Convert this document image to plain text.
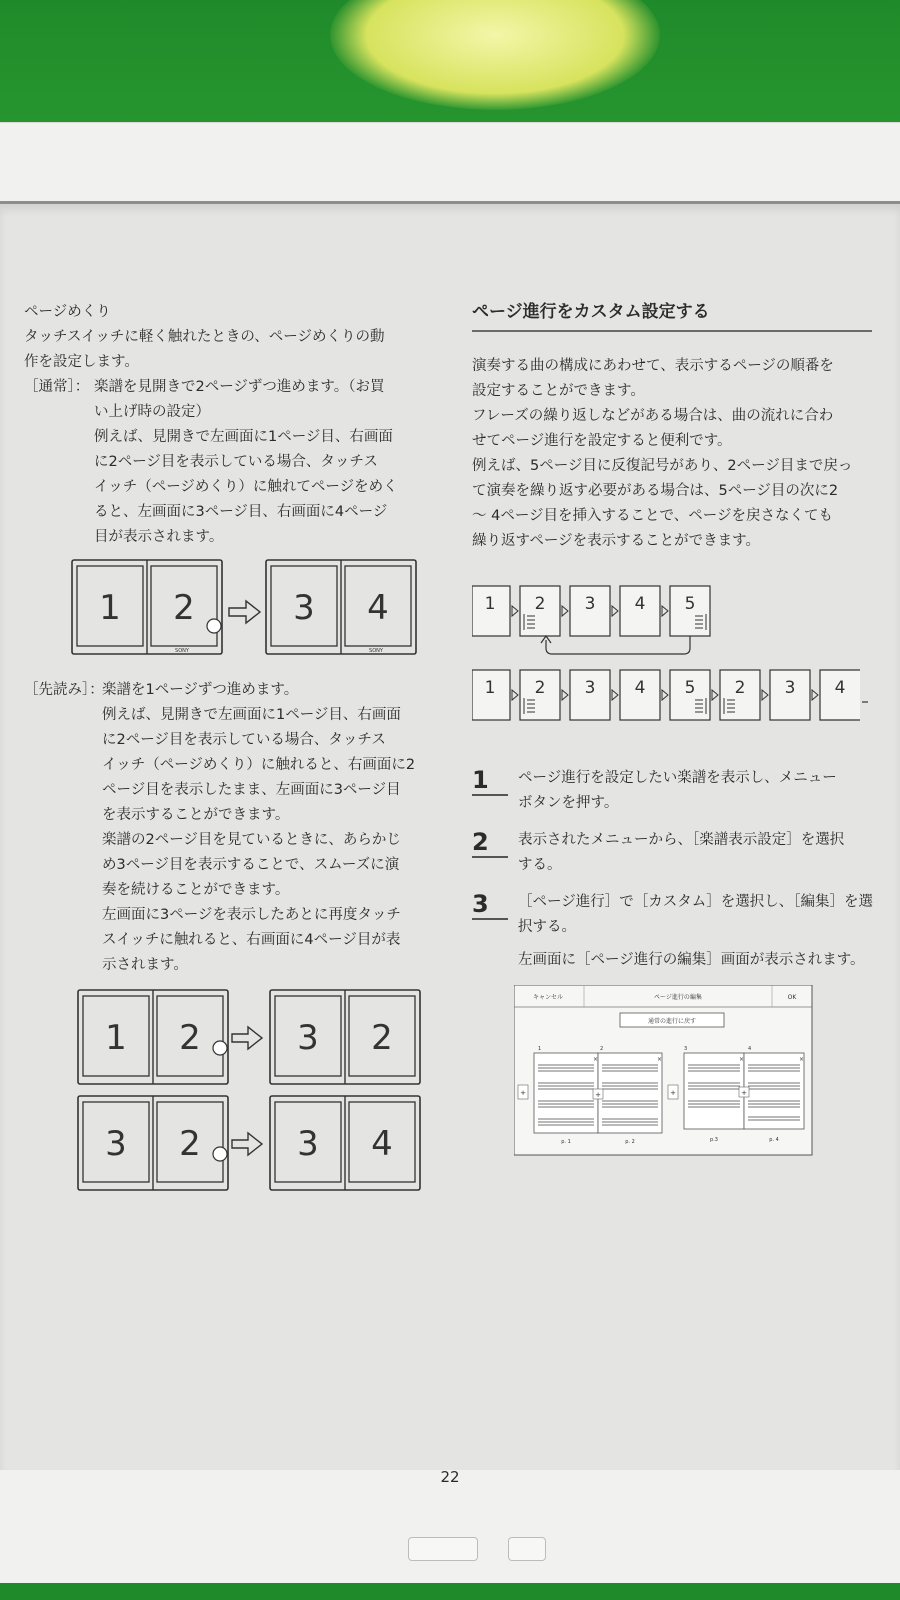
ページめくり

タッチスイッチに軽く触れたときの、ページめくりの動

作を設定します。

［通常］： 楽譜を見開きで2ページずつ進めます。（お買

い上げ時の設定）

例えば、見開きで左画面に1ページ目、右画面

に2ページ目を表示している場合、タッチス

イッチ（ページめくり）に触れてページをめく

ると、左画面に3ページ目、右画面に4ページ

目が表示されます。

1 2
SONY
3 4
SONY
［先読み］：

楽譜を1ページずつ進めます。

例えば、見開きで左画面に1ページ目、右画面

に2ページ目を表示している場合、タッチス

イッチ（ページめくり）に触れると、右画面に2

ページ目を表示したまま、左画面に3ページ目

を表示することができます。

楽譜の2ページ目を見ているときに、あらかじ

め3ページ目を表示することで、スムーズに演

奏を続けることができます。

左画面に3ページを表示したあとに再度タッチ

スイッチに触れると、右画面に4ページ目が表

示されます。

1 2	3 2
3 2	3 4
ページ進行をカスタム設定する

演奏する曲の構成にあわせて、表示するページの順番を

設定することができます。

フレーズの繰り返しなどがある場合は、曲の流れに合わ

せてページ進行を設定すると便利です。

例えば、5ページ目に反復記号があり、2ページ目まで戻っ

て演奏を繰り返す必要がある場合は、5ページ目の次に2

～ 4ページ目を挿入することで、ページを戻さなくても

繰り返すページを表示することができます。

1 2 3 4 5
1 2 3 4 5 2 3 4
1	ページ進行を設定したい楽譜を表示し、メニュー

ボタンを押す。

2	表示されたメニューから、［楽譜表示設定］を選択

する。

3	［ページ進行］で［カスタム］を選択し、［編集］を選

択する。

左画面に［ページ進行の編集］画面が表示されます。

キャンセル	ページ進行の編集	OK
通常の進行に戻す
1	2	3	4
+
×	×
+
p. 1	p. 2
+
×	×
+
p.3	p. 4
22
